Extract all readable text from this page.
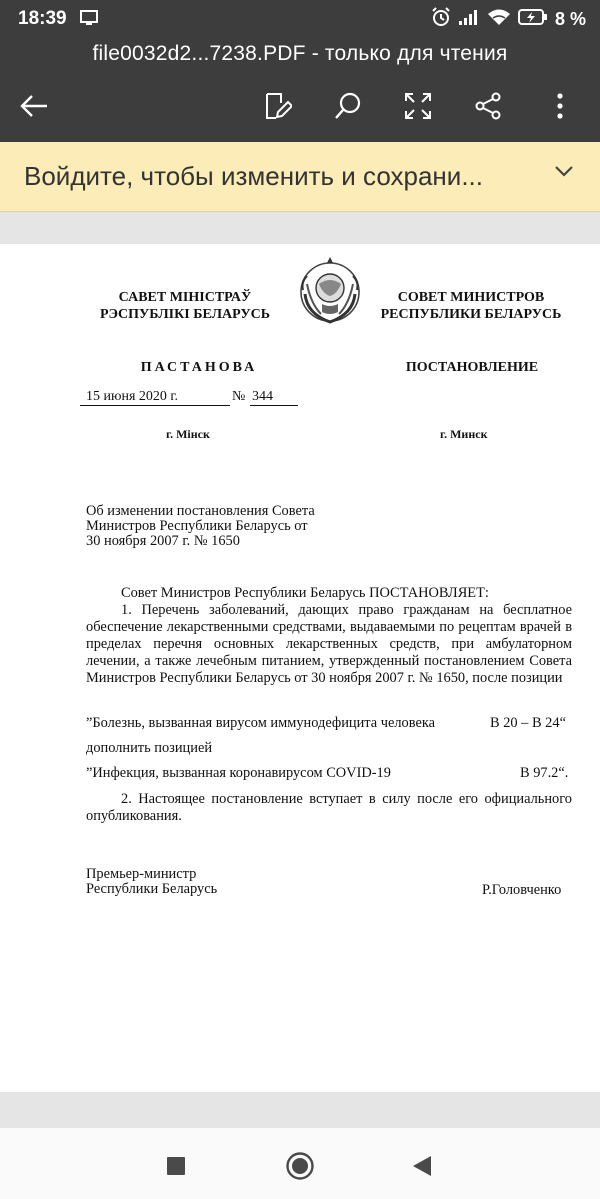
18:39	8 %
file0032d2...7238.PDF - только для чтения
Войдите, чтобы изменить и сохрани...
САВЕТ МІНІСТРАЎ
РЭСПУБЛІКІ БЕЛАРУСЬ
СОВЕТ МИНИСТРОВ
РЕСПУБЛИКИ БЕЛАРУСЬ
ПАСТАНОВА	ПОСТАНОВЛЕНИЕ
15 июня 2020 г.	№ 344
г. Мінск	г. Минск
Об изменении постановления Совета
Министров Республики Беларусь от
30 ноября 2007 г. № 1650
Совет Министров Республики Беларусь ПОСТАНОВЛЯЕТ:
1. Перечень заболеваний, дающих право гражданам на бесплатное обеспечение лекарственными средствами, выдаваемыми по рецептам врачей в пределах перечня основных лекарственных средств, при амбулаторном лечении, а также лечебным питанием, утвержденный постановлением Совета Министров Республики Беларусь от 30 ноября 2007 г. № 1650, после позиции
”Болезнь, вызванная вирусом иммунодефицита человека	B 20 – B 24“
дополнить позицией
”Инфекция, вызванная коронавирусом COVID-19	B 97.2“.
2. Настоящее постановление вступает в силу после его официального опубликования.
Премьер-министр
Республики Беларусь	Р.Головченко
